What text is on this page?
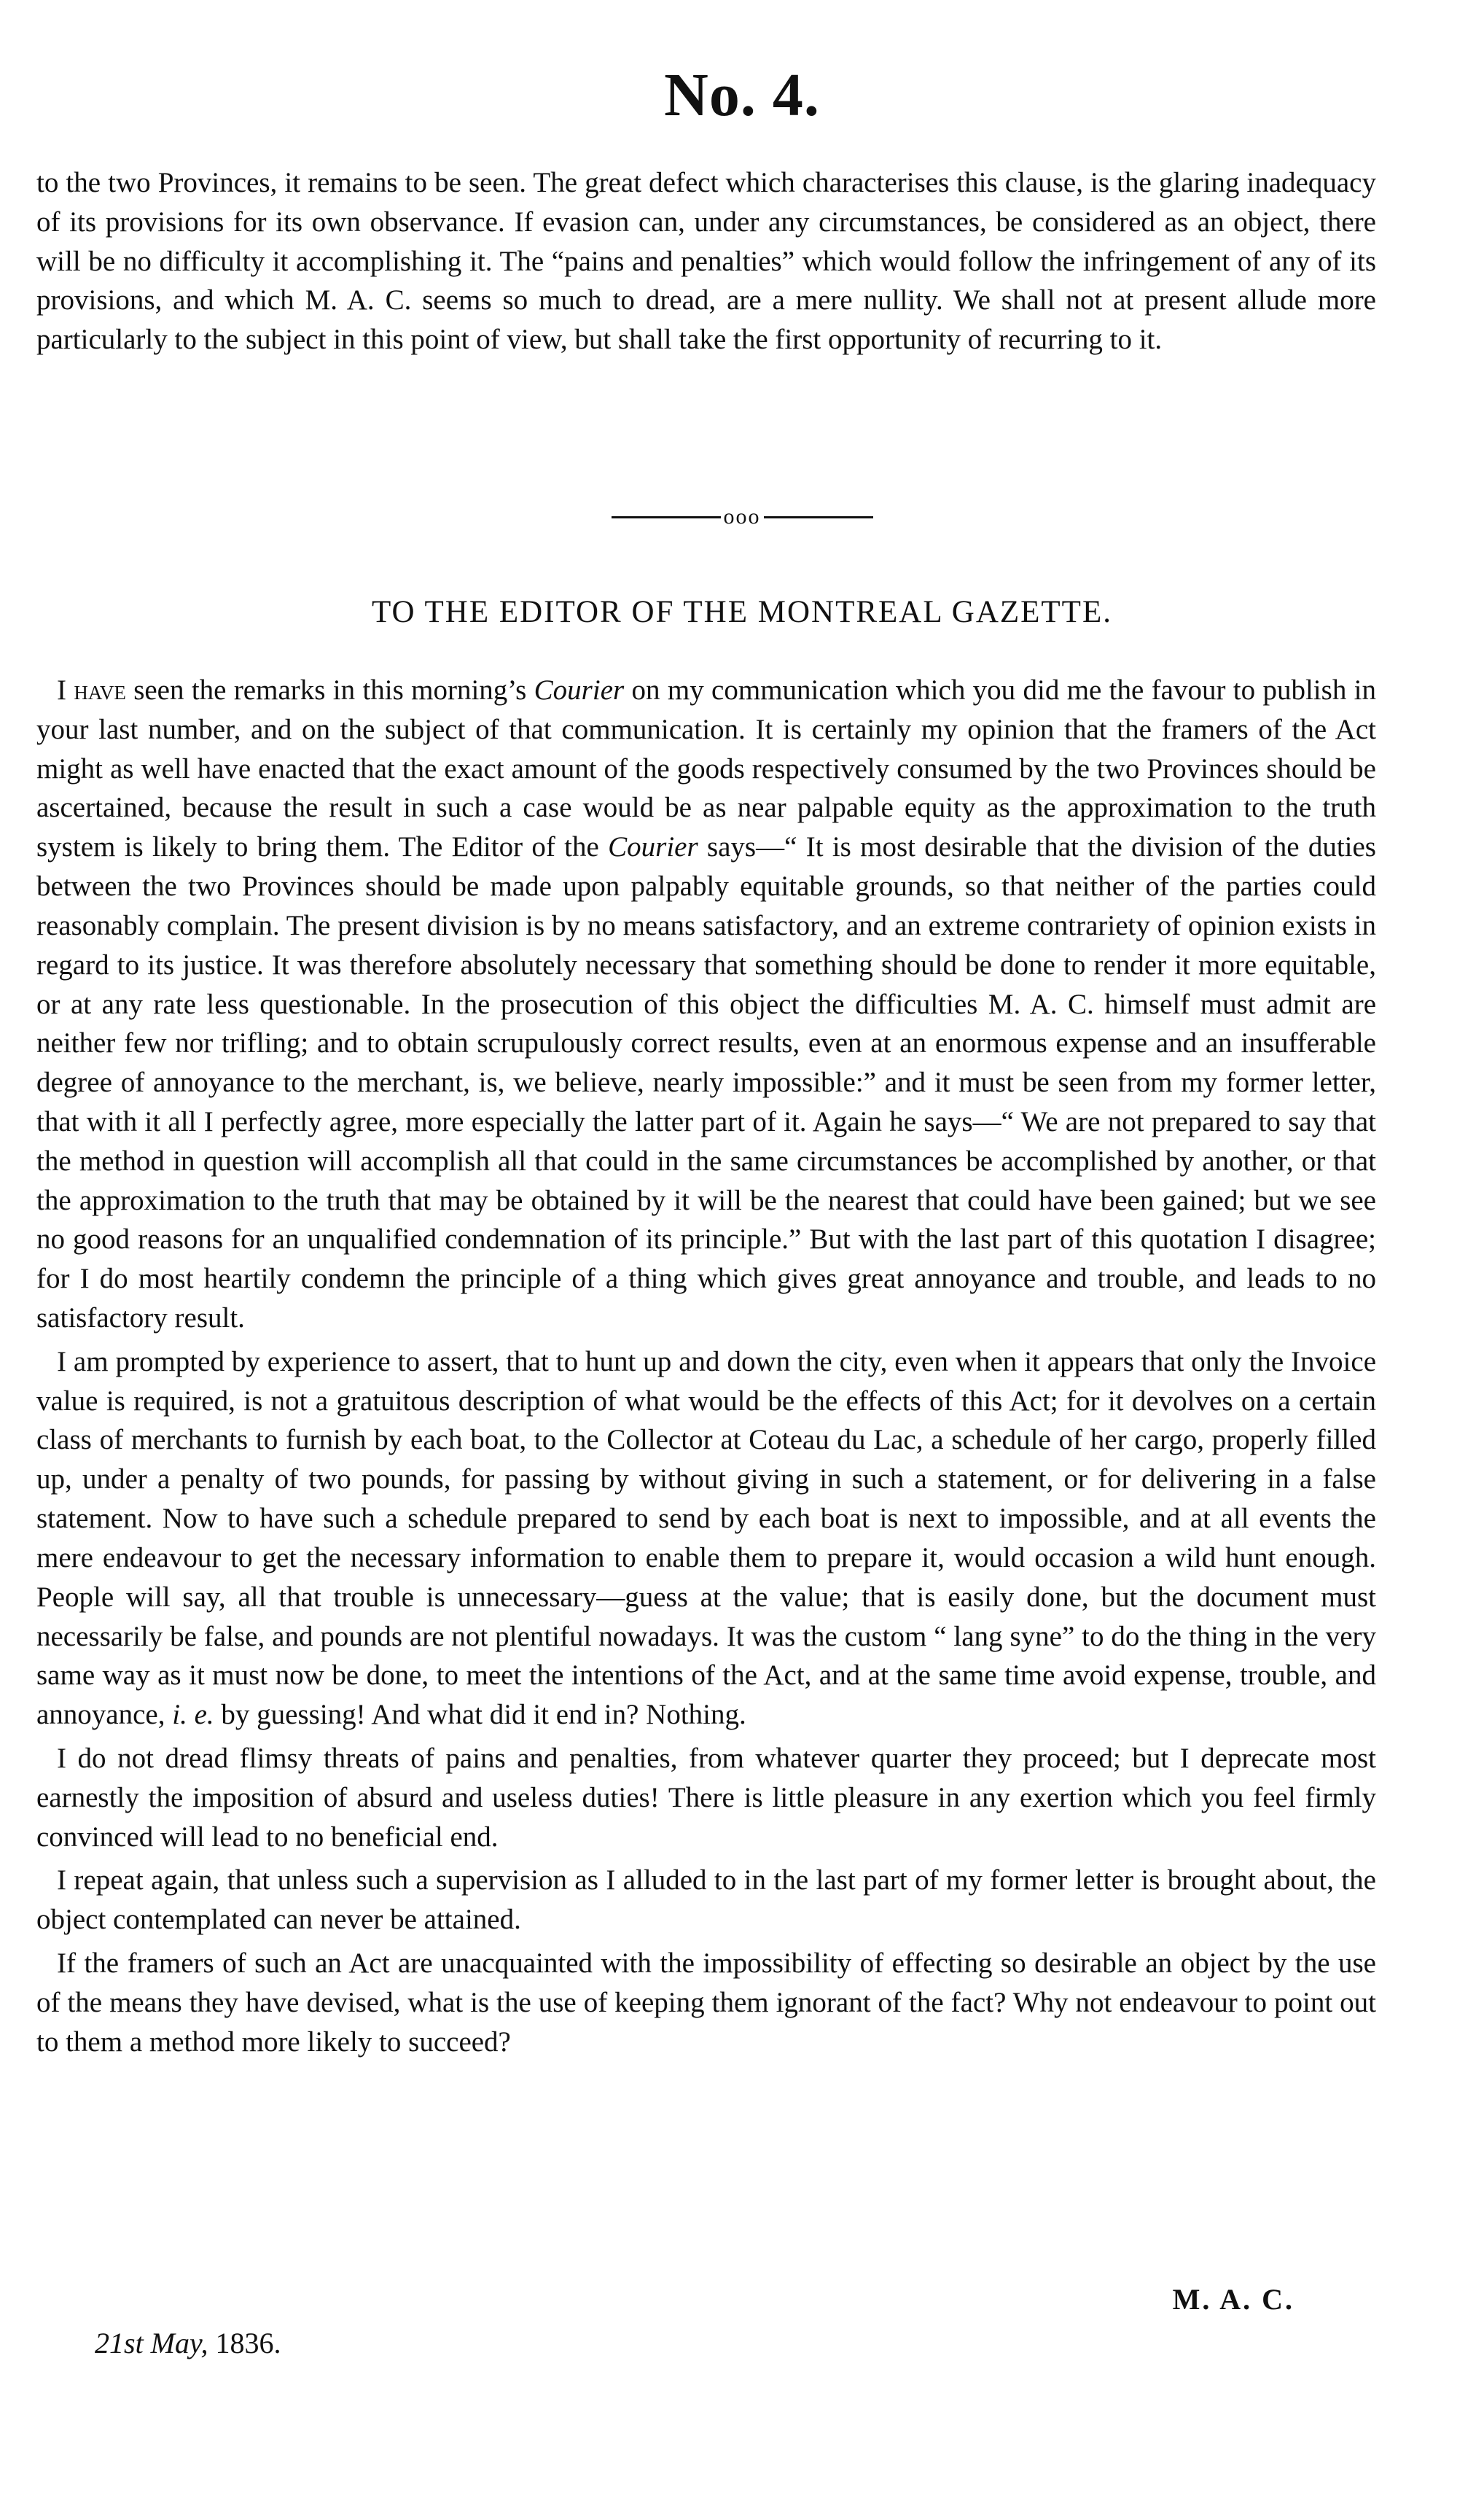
No. 4.

to the two Provinces, it remains to be seen. The great defect which characterises this clause, is the glaring inadequacy of its provisions for its own observance. If evasion can, under any circumstances, be considered as an object, there will be no difficulty it accomplishing it. The “pains and penalties” which would follow the infringement of any of its provisions, and which M. A. C. seems so much to dread, are a mere nullity. We shall not at present allude more particularly to the subject in this point of view, but shall take the first opportunity of recurring to it.

ooo
TO THE EDITOR OF THE MONTREAL GAZETTE.

I have seen the remarks in this morning’s Courier on my communication which you did me the favour to publish in your last number, and on the subject of that communication. It is certainly my opinion that the framers of the Act might as well have enacted that the exact amount of the goods respectively consumed by the two Provinces should be ascertained, because the result in such a case would be as near palpable equity as the approximation to the truth system is likely to bring them. The Editor of the Courier says—“ It is most desirable that the division of the duties between the two Provinces should be made upon palpably equitable grounds, so that neither of the parties could reasonably complain. The present division is by no means satisfactory, and an extreme contrariety of opinion exists in regard to its justice. It was therefore absolutely necessary that something should be done to render it more equitable, or at any rate less questionable. In the prosecution of this object the difficulties M. A. C. himself must admit are neither few nor trifling; and to obtain scrupulously correct results, even at an enormous expense and an insufferable degree of annoyance to the merchant, is, we believe, nearly impossible:” and it must be seen from my former letter, that with it all I perfectly agree, more especially the latter part of it. Again he says—“ We are not prepared to say that the method in question will accomplish all that could in the same circumstances be accomplished by another, or that the approximation to the truth that may be obtained by it will be the nearest that could have been gained; but we see no good reasons for an unqualified condemnation of its principle.” But with the last part of this quotation I disagree; for I do most heartily condemn the principle of a thing which gives great annoyance and trouble, and leads to no satisfactory result.

I am prompted by experience to assert, that to hunt up and down the city, even when it appears that only the Invoice value is required, is not a gratuitous description of what would be the effects of this Act; for it devolves on a certain class of merchants to furnish by each boat, to the Collector at Coteau du Lac, a schedule of her cargo, properly filled up, under a penalty of two pounds, for passing by without giving in such a statement, or for delivering in a false statement. Now to have such a schedule prepared to send by each boat is next to impossible, and at all events the mere endeavour to get the necessary information to enable them to prepare it, would occasion a wild hunt enough. People will say, all that trouble is unnecessary—guess at the value; that is easily done, but the document must necessarily be false, and pounds are not plentiful nowadays. It was the custom “ lang syne” to do the thing in the very same way as it must now be done, to meet the intentions of the Act, and at the same time avoid expense, trouble, and annoyance, i. e. by guessing! And what did it end in? Nothing.

I do not dread flimsy threats of pains and penalties, from whatever quarter they proceed; but I deprecate most earnestly the imposition of absurd and useless duties! There is little pleasure in any exertion which you feel firmly convinced will lead to no beneficial end.

I repeat again, that unless such a supervision as I alluded to in the last part of my former letter is brought about, the object contemplated can never be attained.

If the framers of such an Act are unacquainted with the impossibility of effecting so desirable an object by the use of the means they have devised, what is the use of keeping them ignorant of the fact? Why not endeavour to point out to them a method more likely to succeed?

M. A. C.
21st May, 1836.
